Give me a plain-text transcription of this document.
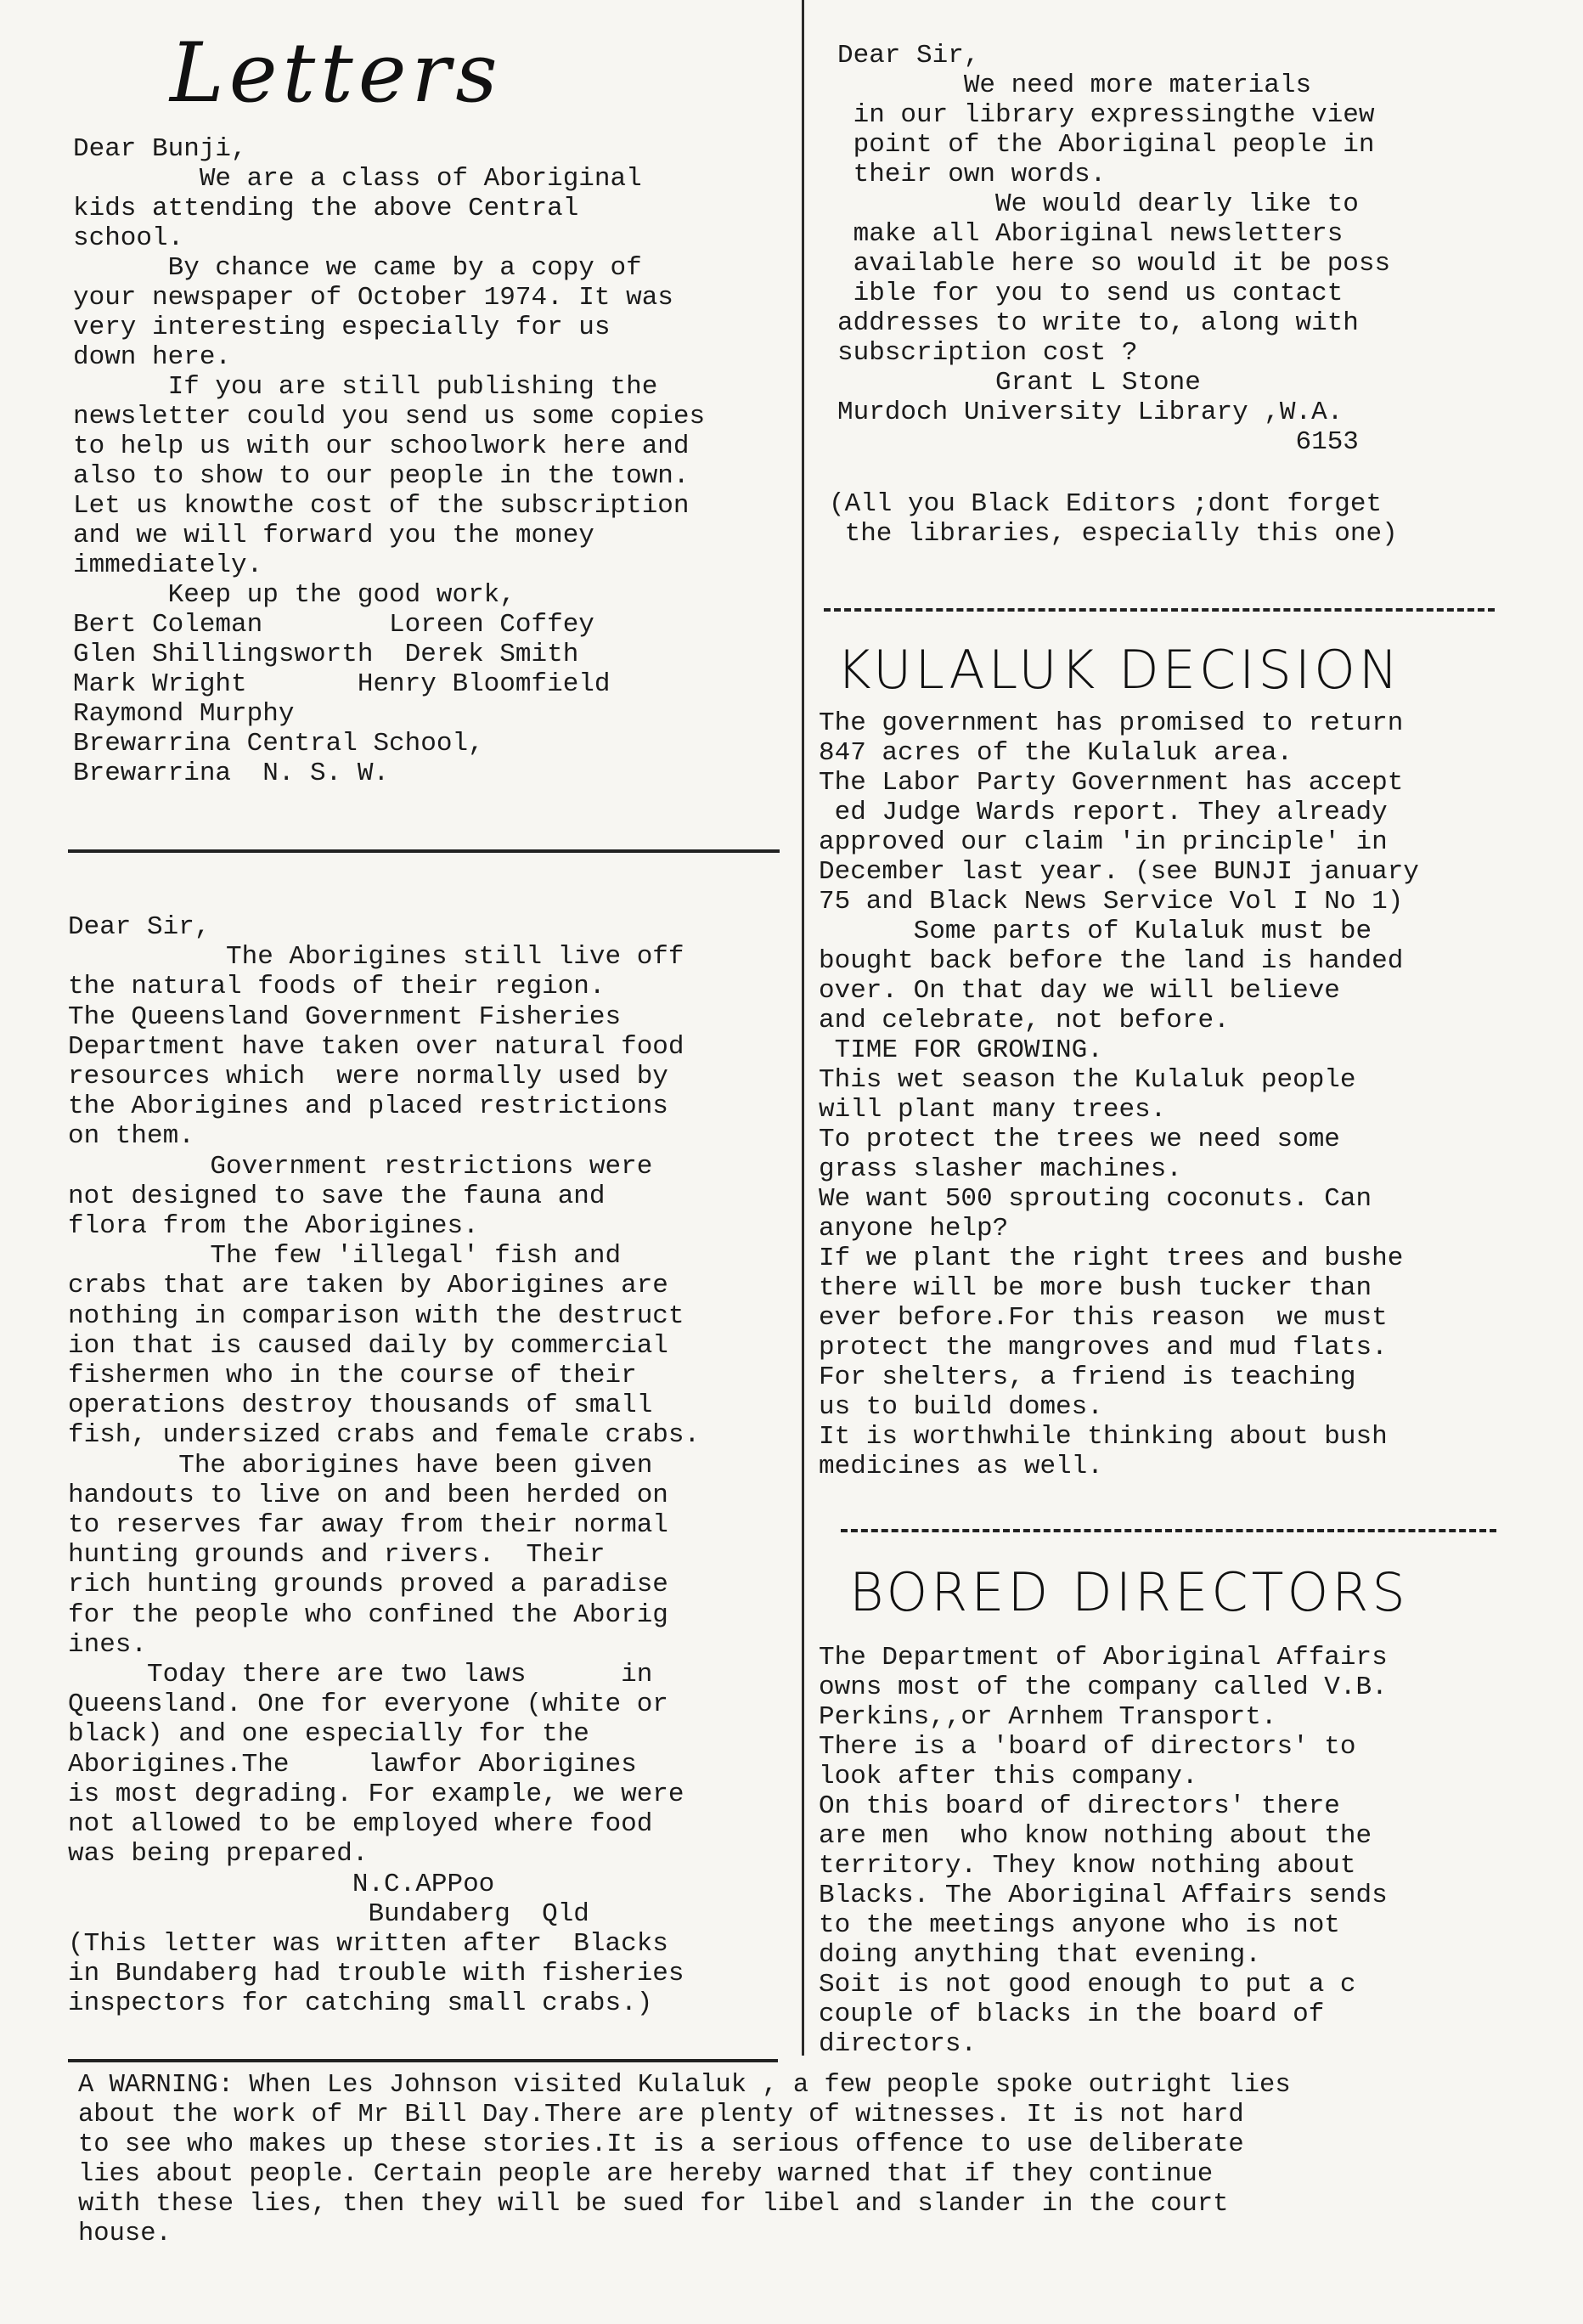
Letters
Dear Bunji,
We are a class of Aboriginal
kids attending the above Central
school.
By chance we came by a copy of
your newspaper of October 1974. It was
very interesting especially for us
down here.
If you are still publishing the
newsletter could you send us some copies
to help us with our schoolwork here and
also to show to our people in the town.
Let us knowthe cost of the subscription
and we will forward you the money
immediately.
Keep up the good work,
Bert Coleman        Loreen Coffey
Glen Shillingsworth  Derek Smith
Mark Wright       Henry Bloomfield
Raymond Murphy
Brewarrina Central School,
Brewarrina  N. S. W.
Dear Sir,
The Aborigines still live off
the natural foods of their region.
The Queensland Government Fisheries
Department have taken over natural food
resources which  were normally used by
the Aborigines and placed restrictions
on them.
Government restrictions were
not designed to save the fauna and
flora from the Aborigines.
The few 'illegal' fish and
crabs that are taken by Aborigines are
nothing in comparison with the destruct
ion that is caused daily by commercial
fishermen who in the course of their
operations destroy thousands of small
fish, undersized crabs and female crabs.
The aborigines have been given
handouts to live on and been herded on
to reserves far away from their normal
hunting grounds and rivers.  Their
rich hunting grounds proved a paradise
for the people who confined the Aborig
ines.
Today there are two laws      in
Queensland. One for everyone (white or
black) and one especially for the
Aborigines.The     lawfor Aborigines
is most degrading. For example, we were
not allowed to be employed where food
was being prepared.
N.C.APPoo
Bundaberg  Qld
(This letter was written after  Blacks
in Bundaberg had trouble with fisheries
inspectors for catching small crabs.)
Dear Sir,
We need more materials
in our library expressingthe view
point of the Aboriginal people in
their own words.
We would dearly like to
make all Aboriginal newsletters
available here so would it be poss
ible for you to send us contact
addresses to write to, along with
subscription cost ?
Grant L Stone
Murdoch University Library ,W.A.
6153
(All you Black Editors ;dont forget
the libraries, especially this one)
KULALUK DECISION
The government has promised to return
847 acres of the Kulaluk area.
The Labor Party Government has accept
ed Judge Wards report. They already
approved our claim 'in principle' in
December last year. (see BUNJI january
75 and Black News Service Vol I No 1)
Some parts of Kulaluk must be
bought back before the land is handed
over. On that day we will believe
and celebrate, not before.
TIME FOR GROWING.
This wet season the Kulaluk people
will plant many trees.
To protect the trees we need some
grass slasher machines.
We want 500 sprouting coconuts. Can
anyone help?
If we plant the right trees and bushe
there will be more bush tucker than
ever before.For this reason  we must
protect the mangroves and mud flats.
For shelters, a friend is teaching
us to build domes.
It is worthwhile thinking about bush
medicines as well.
BORED DIRECTORS
The Department of Aboriginal Affairs
owns most of the company called V.B.
Perkins,,or Arnhem Transport.
There is a 'board of directors' to
look after this company.
On this board of directors' there
are men  who know nothing about the
territory. They know nothing about
Blacks. The Aboriginal Affairs sends
to the meetings anyone who is not
doing anything that evening.
Soit is not good enough to put a c
couple of blacks in the board of
directors.
A WARNING: When Les Johnson visited Kulaluk , a few people spoke outright lies
about the work of Mr Bill Day.There are plenty of witnesses. It is not hard
to see who makes up these stories.It is a serious offence to use deliberate
lies about people. Certain people are hereby warned that if they continue
with these lies, then they will be sued for libel and slander in the court
house.
